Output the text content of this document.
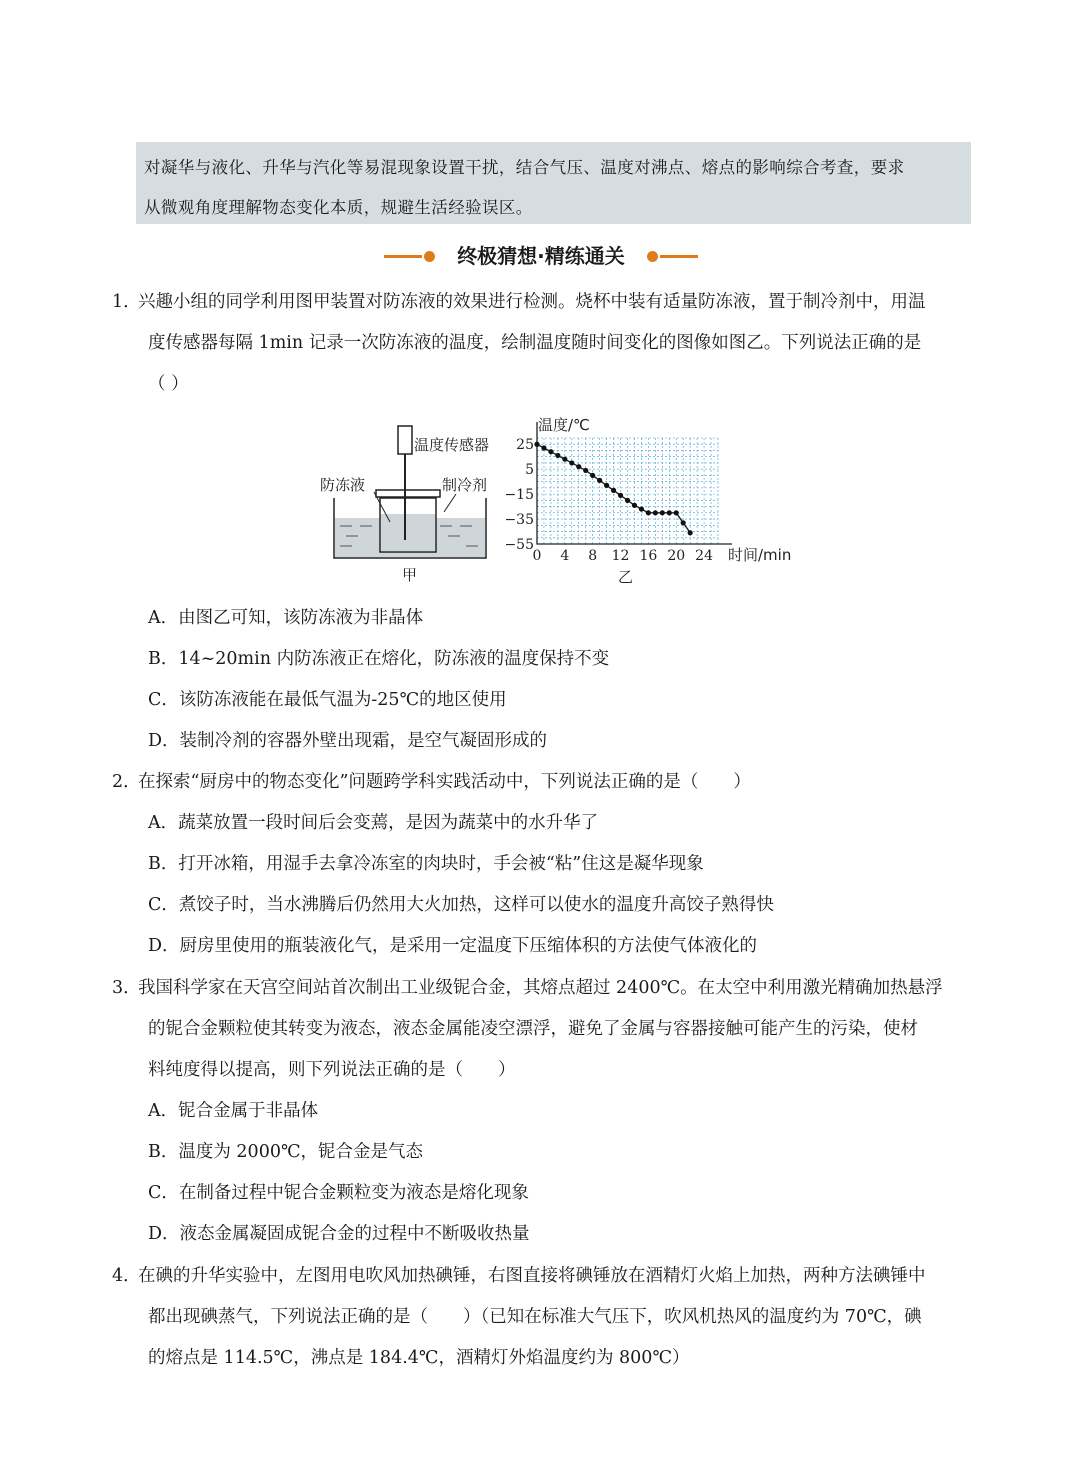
对凝华与液化、升华与汽化等易混现象设置干扰，结合气压、温度对沸点、熔点的影响综合考查，要求

从微观角度理解物态变化本质，规避生活经验误区。

终极猜想·精练通关
1．
兴趣小组的同学利用图甲装置对防冻液的效果进行检测。烧杯中装有适量防冻液，置于制冷剂中，用温
度传感器每隔 1min 记录一次防冻液的温度，绘制温度随时间变化的图像如图乙。下列说法正确的是
（ ）
温度传感器
防冻液	制冷剂
甲
温度/℃
时间/min
乙
0 4 8 12 16 20 24
25
5
−15
−35
−55
A．由图乙可知，该防冻液为非晶体
B．14~20min 内防冻液正在熔化，防冻液的温度保持不变
C．该防冻液能在最低气温为-25℃的地区使用
D．装制冷剂的容器外壁出现霜，是空气凝固形成的
2．
在探索“厨房中的物态变化”问题跨学科实践活动中，下列说法正确的是（　　）
A．蔬菜放置一段时间后会变蔫，是因为蔬菜中的水升华了
B．打开冰箱，用湿手去拿冷冻室的肉块时，手会被“粘”住这是凝华现象
C．煮饺子时，当水沸腾后仍然用大火加热，这样可以使水的温度升高饺子熟得快
D．厨房里使用的瓶装液化气，是采用一定温度下压缩体积的方法使气体液化的
3．
我国科学家在天宫空间站首次制出工业级铌合金，其熔点超过 2400℃。在太空中利用激光精确加热悬浮
的铌合金颗粒使其转变为液态，液态金属能凌空漂浮，避免了金属与容器接触可能产生的污染，使材
料纯度得以提高，则下列说法正确的是（　　）
A．铌合金属于非晶体
B．温度为 2000℃，铌合金是气态
C．在制备过程中铌合金颗粒变为液态是熔化现象
D．液态金属凝固成铌合金的过程中不断吸收热量
4．
在碘的升华实验中，左图用电吹风加热碘锤，右图直接将碘锤放在酒精灯火焰上加热，两种方法碘锤中
都出现碘蒸气，下列说法正确的是（　　）（已知在标准大气压下，吹风机热风的温度约为 70℃，碘
的熔点是 114.5℃，沸点是 184.4℃，酒精灯外焰温度约为 800℃）
